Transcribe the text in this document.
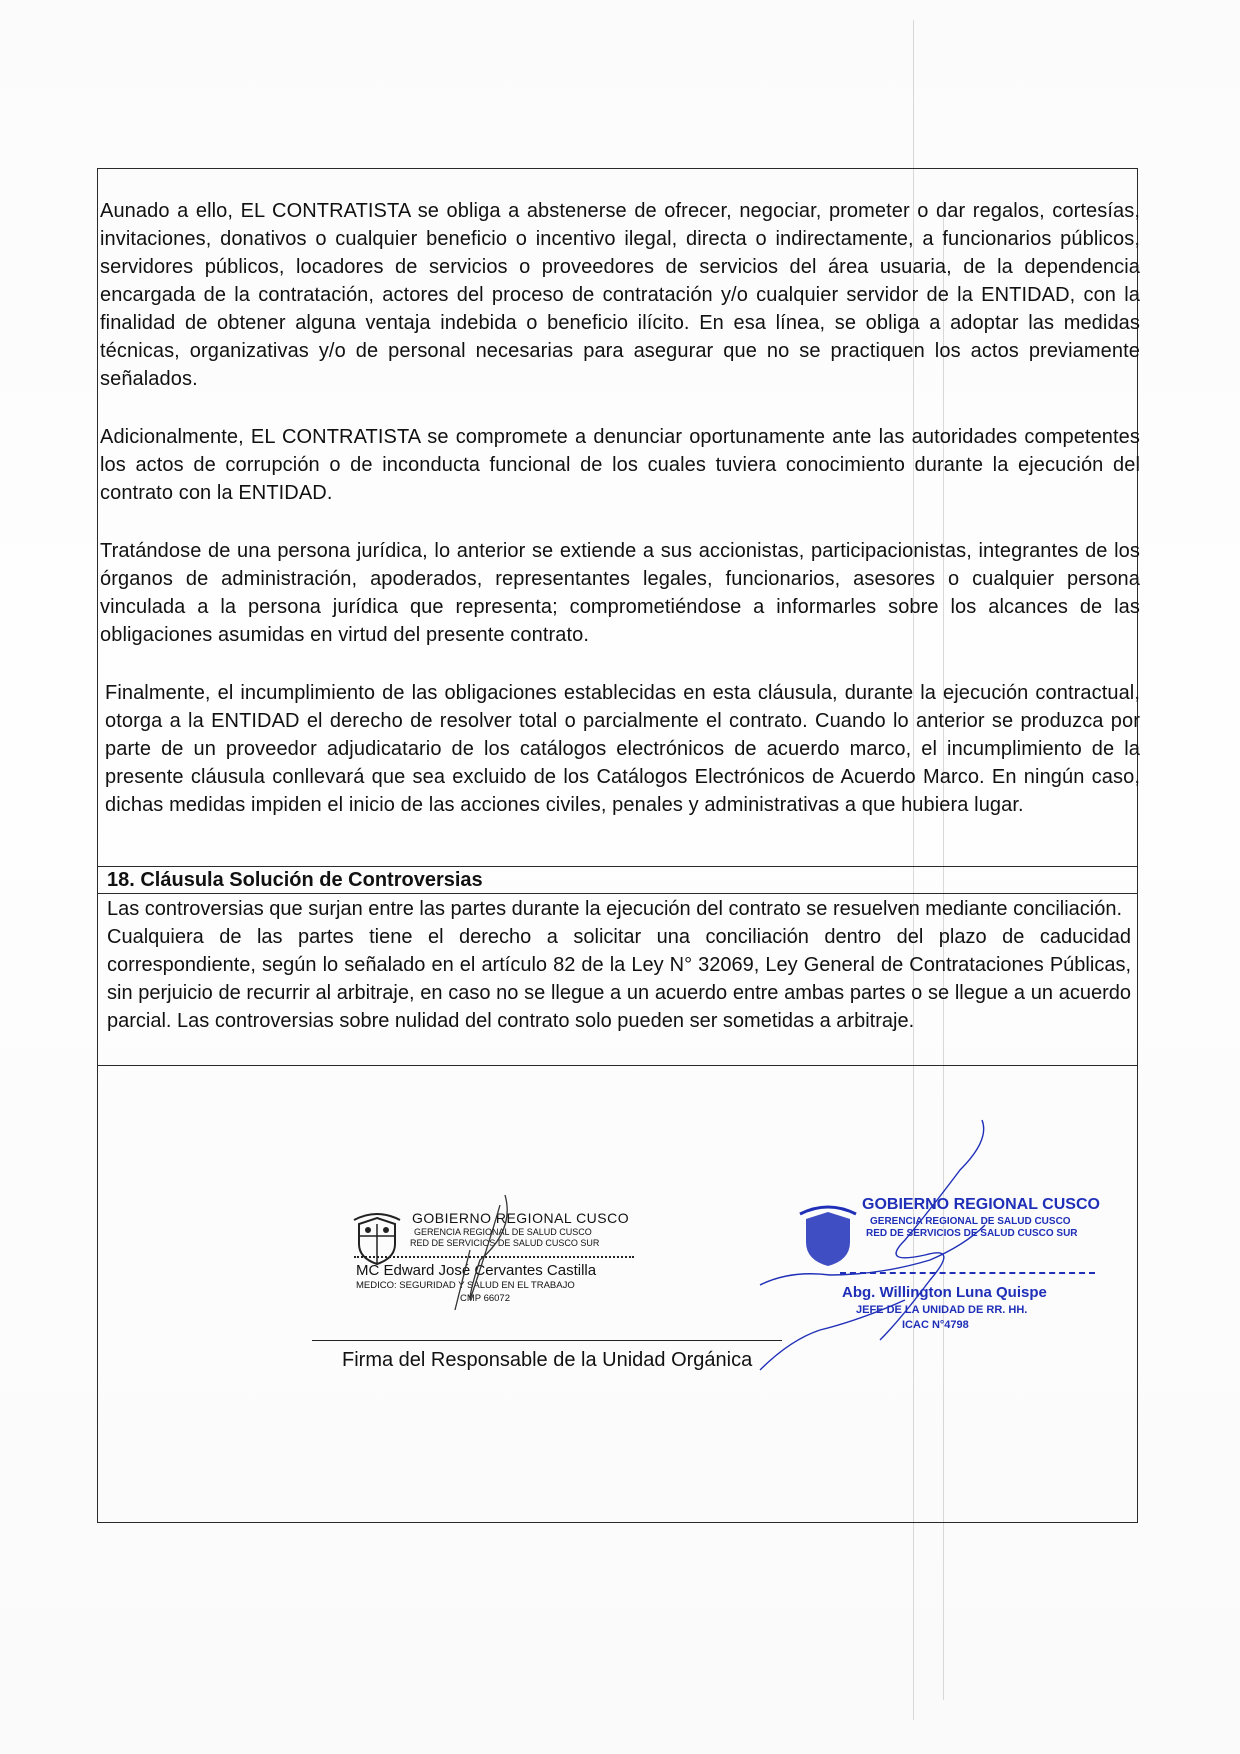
Aunado a ello, EL CONTRATISTA se obliga a abstenerse de ofrecer, negociar, prometer o dar regalos, cortesías, invitaciones, donativos o cualquier beneficio o incentivo ilegal, directa o indirectamente, a funcionarios públicos, servidores públicos, locadores de servicios o proveedores de servicios del área usuaria, de la dependencia encargada de la contratación, actores del proceso de contratación y/o cualquier servidor de la ENTIDAD, con la finalidad de obtener alguna ventaja indebida o beneficio ilícito. En esa línea, se obliga a adoptar las medidas técnicas, organizativas y/o de personal necesarias para asegurar que no se practiquen los actos previamente señalados.

Adicionalmente, EL CONTRATISTA se compromete a denunciar oportunamente ante las autoridades competentes los actos de corrupción o de inconducta funcional de los cuales tuviera conocimiento durante la ejecución del contrato con la ENTIDAD.

Tratándose de una persona jurídica, lo anterior se extiende a sus accionistas, participacionistas, integrantes de los órganos de administración, apoderados, representantes legales, funcionarios, asesores o cualquier persona vinculada a la persona jurídica que representa; comprometiéndose a informarles sobre los alcances de las obligaciones asumidas en virtud del presente contrato.

Finalmente, el incumplimiento de las obligaciones establecidas en esta cláusula, durante la ejecución contractual, otorga a la ENTIDAD el derecho de resolver total o parcialmente el contrato. Cuando lo anterior se produzca por parte de un proveedor adjudicatario de los catálogos electrónicos de acuerdo marco, el incumplimiento de la presente cláusula conllevará que sea excluido de los Catálogos Electrónicos de Acuerdo Marco. En ningún caso, dichas medidas impiden el inicio de las acciones civiles, penales y administrativas a que hubiera lugar.

18. Cláusula Solución de Controversias

Las controversias que surjan entre las partes durante la ejecución del contrato se resuelven mediante conciliación.

Cualquiera de las partes tiene el derecho a solicitar una conciliación dentro del plazo de caducidad correspondiente, según lo señalado en el artículo 82 de la Ley N° 32069, Ley General de Contrataciones Públicas, sin perjuicio de recurrir al arbitraje, en caso no se llegue a un acuerdo entre ambas partes o se llegue a un acuerdo parcial. Las controversias sobre nulidad del contrato solo pueden ser sometidas a arbitraje.

GOBIERNO REGIONAL CUSCO
GERENCIA REGIONAL DE SALUD CUSCO
RED DE SERVICIOS DE SALUD CUSCO SUR
MC Edward José Cervantes Castilla
MEDICO: SEGURIDAD Y SALUD EN EL TRABAJO
CMP 66072
GOBIERNO REGIONAL CUSCO
GERENCIA REGIONAL DE SALUD CUSCO
RED DE SERVICIOS DE SALUD CUSCO SUR
Abg. Willington Luna Quispe
JEFE DE LA UNIDAD DE RR. HH.
ICAC N°4798
Firma del Responsable de la Unidad Orgánica
